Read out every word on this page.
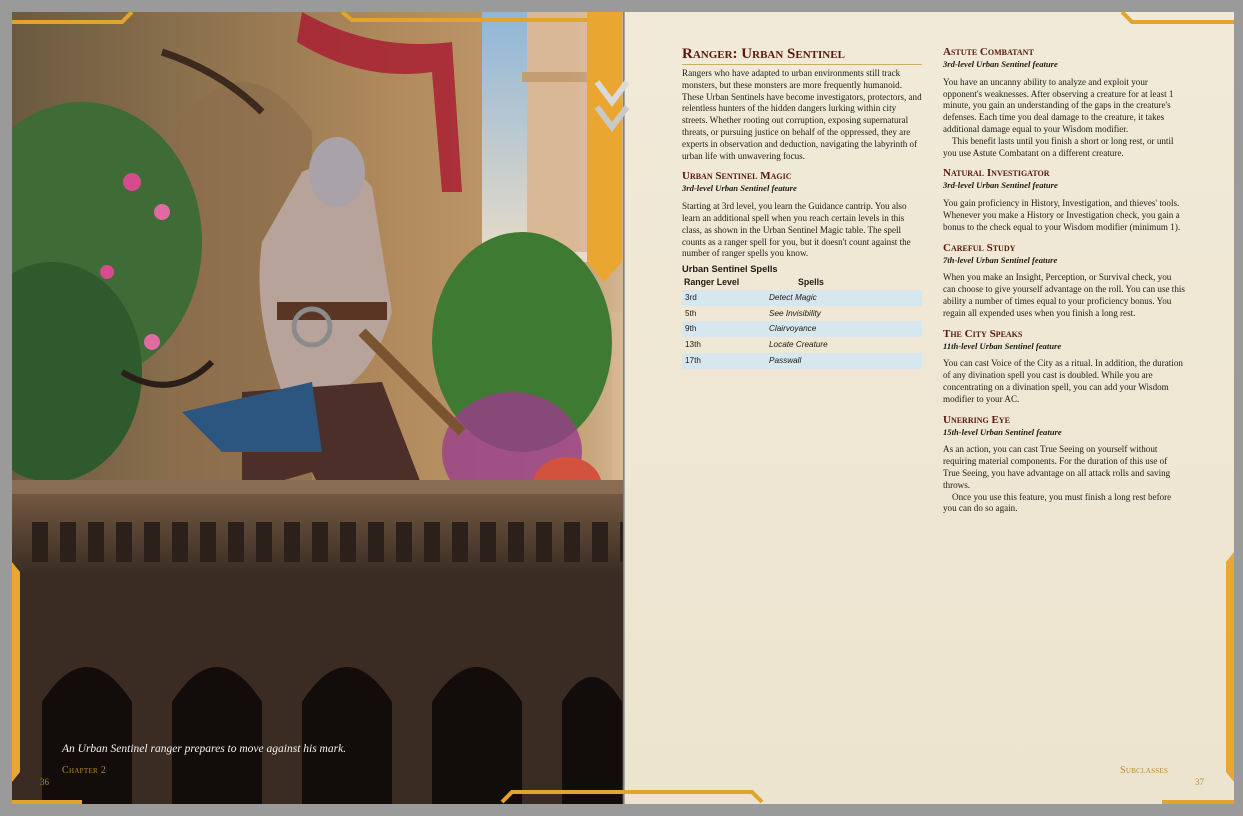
An Urban Sentinel ranger prepares to move against his mark.
Chapter 2
36
Subclasses
37
Ranger: Urban Sentinel

Rangers who have adapted to urban environments still track monsters, but these monsters are more frequently humanoid. These Urban Sentinels have become investigators, protectors, and relentless hunters of the hidden dangers lurking within city streets. Whether rooting out corruption, exposing supernatural threats, or pursuing justice on behalf of the oppressed, they are experts in observation and deduction, navigating the labyrinth of urban life with unwavering focus.

Urban Sentinel Magic
3rd-level Urban Sentinel feature

Starting at 3rd level, you learn the Guidance cantrip. You also learn an additional spell when you reach certain levels in this class, as shown in the Urban Sentinel Magic table. The spell counts as a ranger spell for you, but it doesn't count against the number of ranger spells you know.

Urban Sentinel Spells
Ranger Level	Spells
3rd	Detect Magic
5th	See Invisibility
9th	Clairvoyance
13th	Locate Creature
17th	Passwall
Astute Combatant
3rd-level Urban Sentinel feature

You have an uncanny ability to analyze and exploit your opponent's weaknesses. After observing a creature for at least 1 minute, you gain an understanding of the gaps in the creature's defenses. Each time you deal damage to the creature, it takes additional damage equal to your Wisdom modifier.

This benefit lasts until you finish a short or long rest, or until you use Astute Combatant on a different creature.

Natural Investigator
3rd-level Urban Sentinel feature

You gain proficiency in History, Investigation, and thieves' tools. Whenever you make a History or Investigation check, you gain a bonus to the check equal to your Wisdom modifier (minimum 1).

Careful Study
7th-level Urban Sentinel feature

When you make an Insight, Perception, or Survival check, you can choose to give yourself advantage on the roll. You can use this ability a number of times equal to your proficiency bonus. You regain all expended uses when you finish a long rest.

The City Speaks
11th-level Urban Sentinel feature

You can cast Voice of the City as a ritual. In addition, the duration of any divination spell you cast is doubled. While you are concentrating on a divination spell, you can add your Wisdom modifier to your AC.

Unerring Eye
15th-level Urban Sentinel feature

As an action, you can cast True Seeing on yourself without requiring material components. For the duration of this use of True Seeing, you have advantage on all attack rolls and saving throws.

Once you use this feature, you must finish a long rest before you can do so again.
